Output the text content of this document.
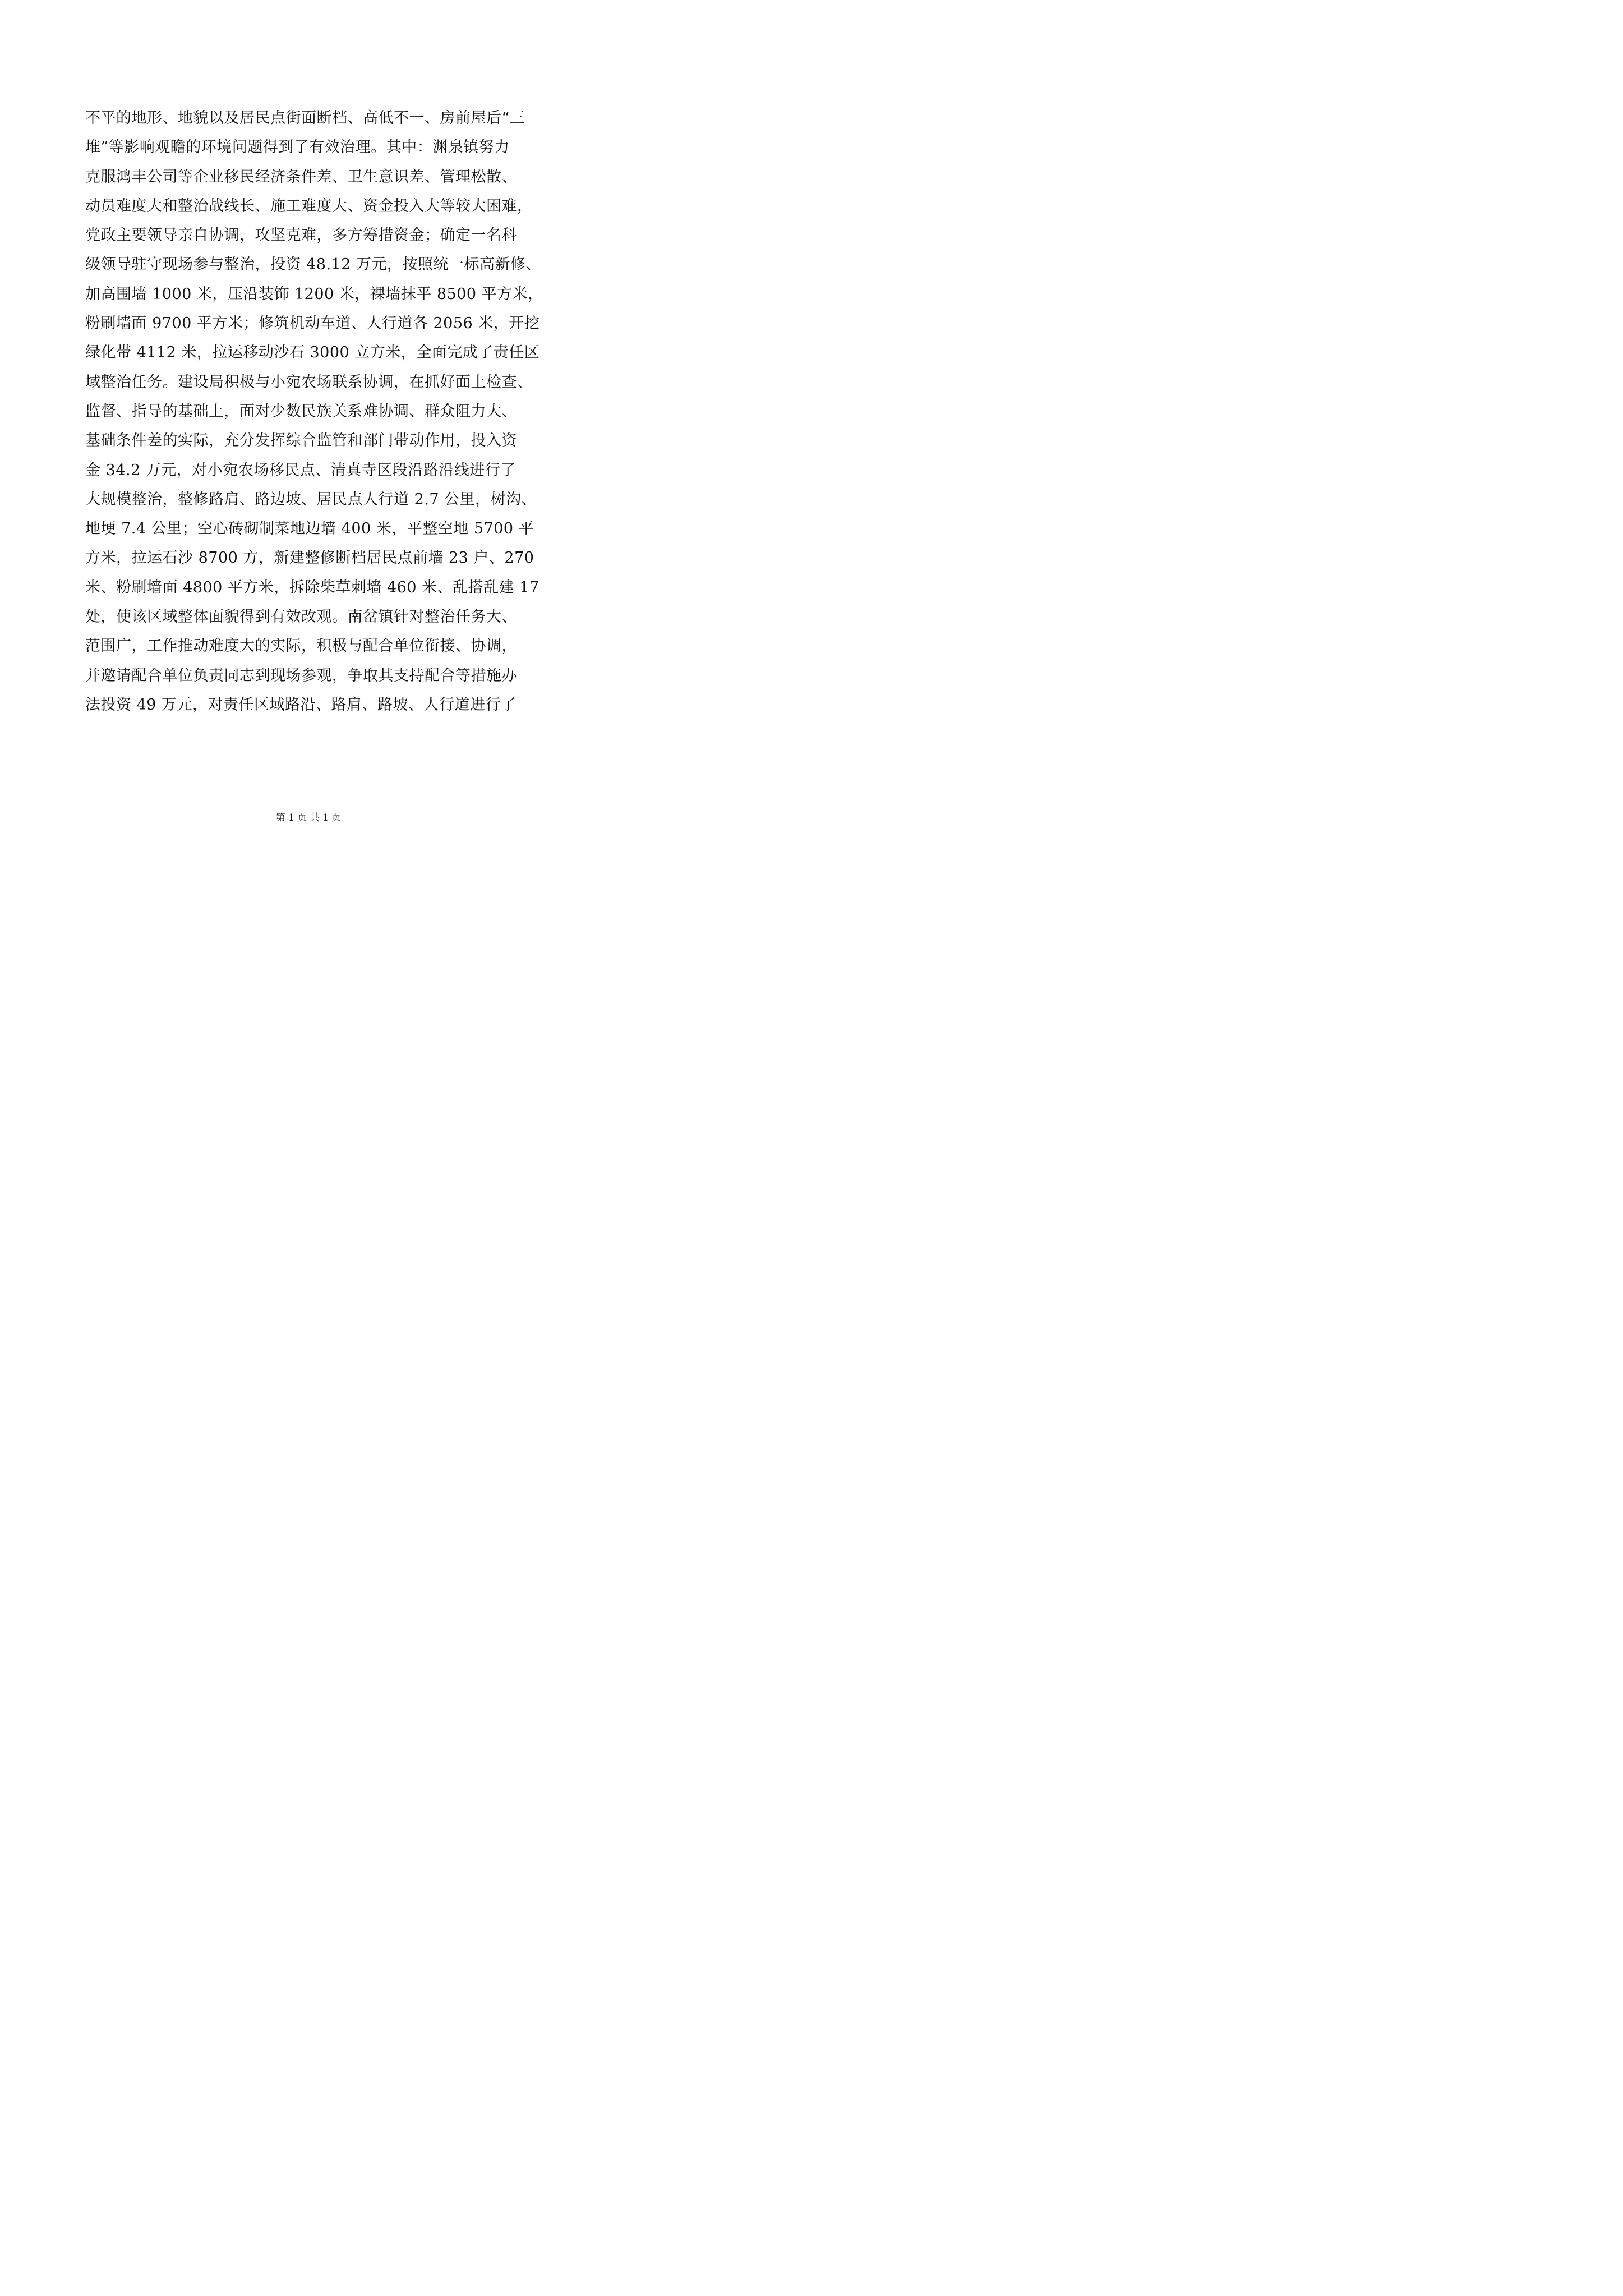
不平的地形、地貌以及居民点街面断档、高低不一、房前屋后“三
堆”等影响观瞻的环境问题得到了有效治理。其中：渊泉镇努力
克服鸿丰公司等企业移民经济条件差、卫生意识差、管理松散、
动员难度大和整治战线长、施工难度大、资金投入大等较大困难，
党政主要领导亲自协调，攻坚克难，多方筹措资金；确定一名科
级领导驻守现场参与整治，投资 48.12 万元，按照统一标高新修、
加高围墙 1000 米，压沿装饰 1200 米，裸墙抹平 8500 平方米，
粉刷墙面 9700 平方米；修筑机动车道、人行道各 2056 米，开挖
绿化带 4112 米，拉运移动沙石 3000 立方米，全面完成了责任区
域整治任务。建设局积极与小宛农场联系协调，在抓好面上检查、
监督、指导的基础上，面对少数民族关系难协调、群众阻力大、
基础条件差的实际，充分发挥综合监管和部门带动作用，投入资
金 34.2 万元，对小宛农场移民点、清真寺区段沿路沿线进行了
大规模整治，整修路肩、路边坡、居民点人行道 2.7 公里，树沟、
地埂 7.4 公里；空心砖砌制菜地边墙 400 米，平整空地 5700 平
方米，拉运石沙 8700 方，新建整修断档居民点前墙 23 户、270
米、粉刷墙面 4800 平方米，拆除柴草刺墙 460 米、乱搭乱建 17
处，使该区域整体面貌得到有效改观。南岔镇针对整治任务大、
范围广，工作推动难度大的实际，积极与配合单位衔接、协调，
并邀请配合单位负责同志到现场参观，争取其支持配合等措施办
法投资 49 万元，对责任区域路沿、路肩、路坡、人行道进行了
第 1 页 共 1 页
